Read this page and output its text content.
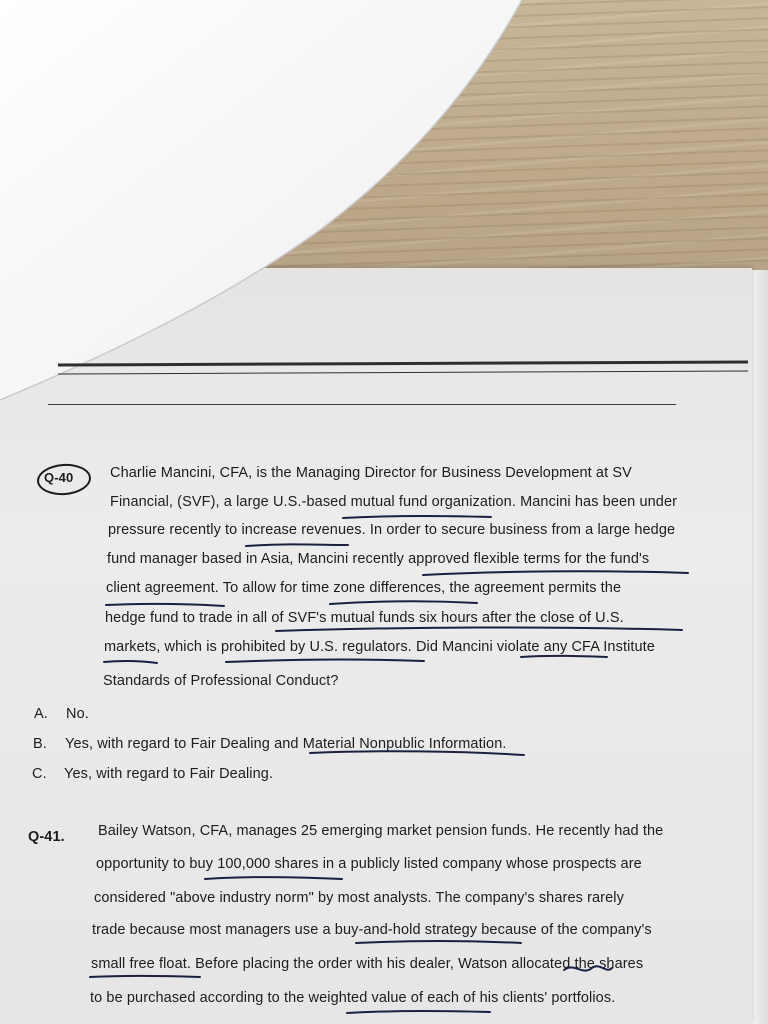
Q-40	Charlie Mancini, CFA, is the Managing Director for Business Development at SV
Financial, (SVF), a large U.S.-based mutual fund organization. Mancini has been under
pressure recently to increase revenues. In order to secure business from a large hedge
fund manager based in Asia, Mancini recently approved flexible terms for the fund's
client agreement. To allow for time zone differences, the agreement permits the
hedge fund to trade in all of SVF's mutual funds six hours after the close of U.S.
markets, which is prohibited by U.S. regulators. Did Mancini violate any CFA Institute
Standards of Professional Conduct?
A. No.
B. Yes, with regard to Fair Dealing and Material Nonpublic Information.
C. Yes, with regard to Fair Dealing.
Q-41. Bailey Watson, CFA, manages 25 emerging market pension funds. He recently had the
opportunity to buy 100,000 shares in a publicly listed company whose prospects are
considered "above industry norm" by most analysts. The company's shares rarely
trade because most managers use a buy-and-hold strategy because of the company's
small free float. Before placing the order with his dealer, Watson allocated the shares
to be purchased according to the weighted value of each of his clients' portfolios.
